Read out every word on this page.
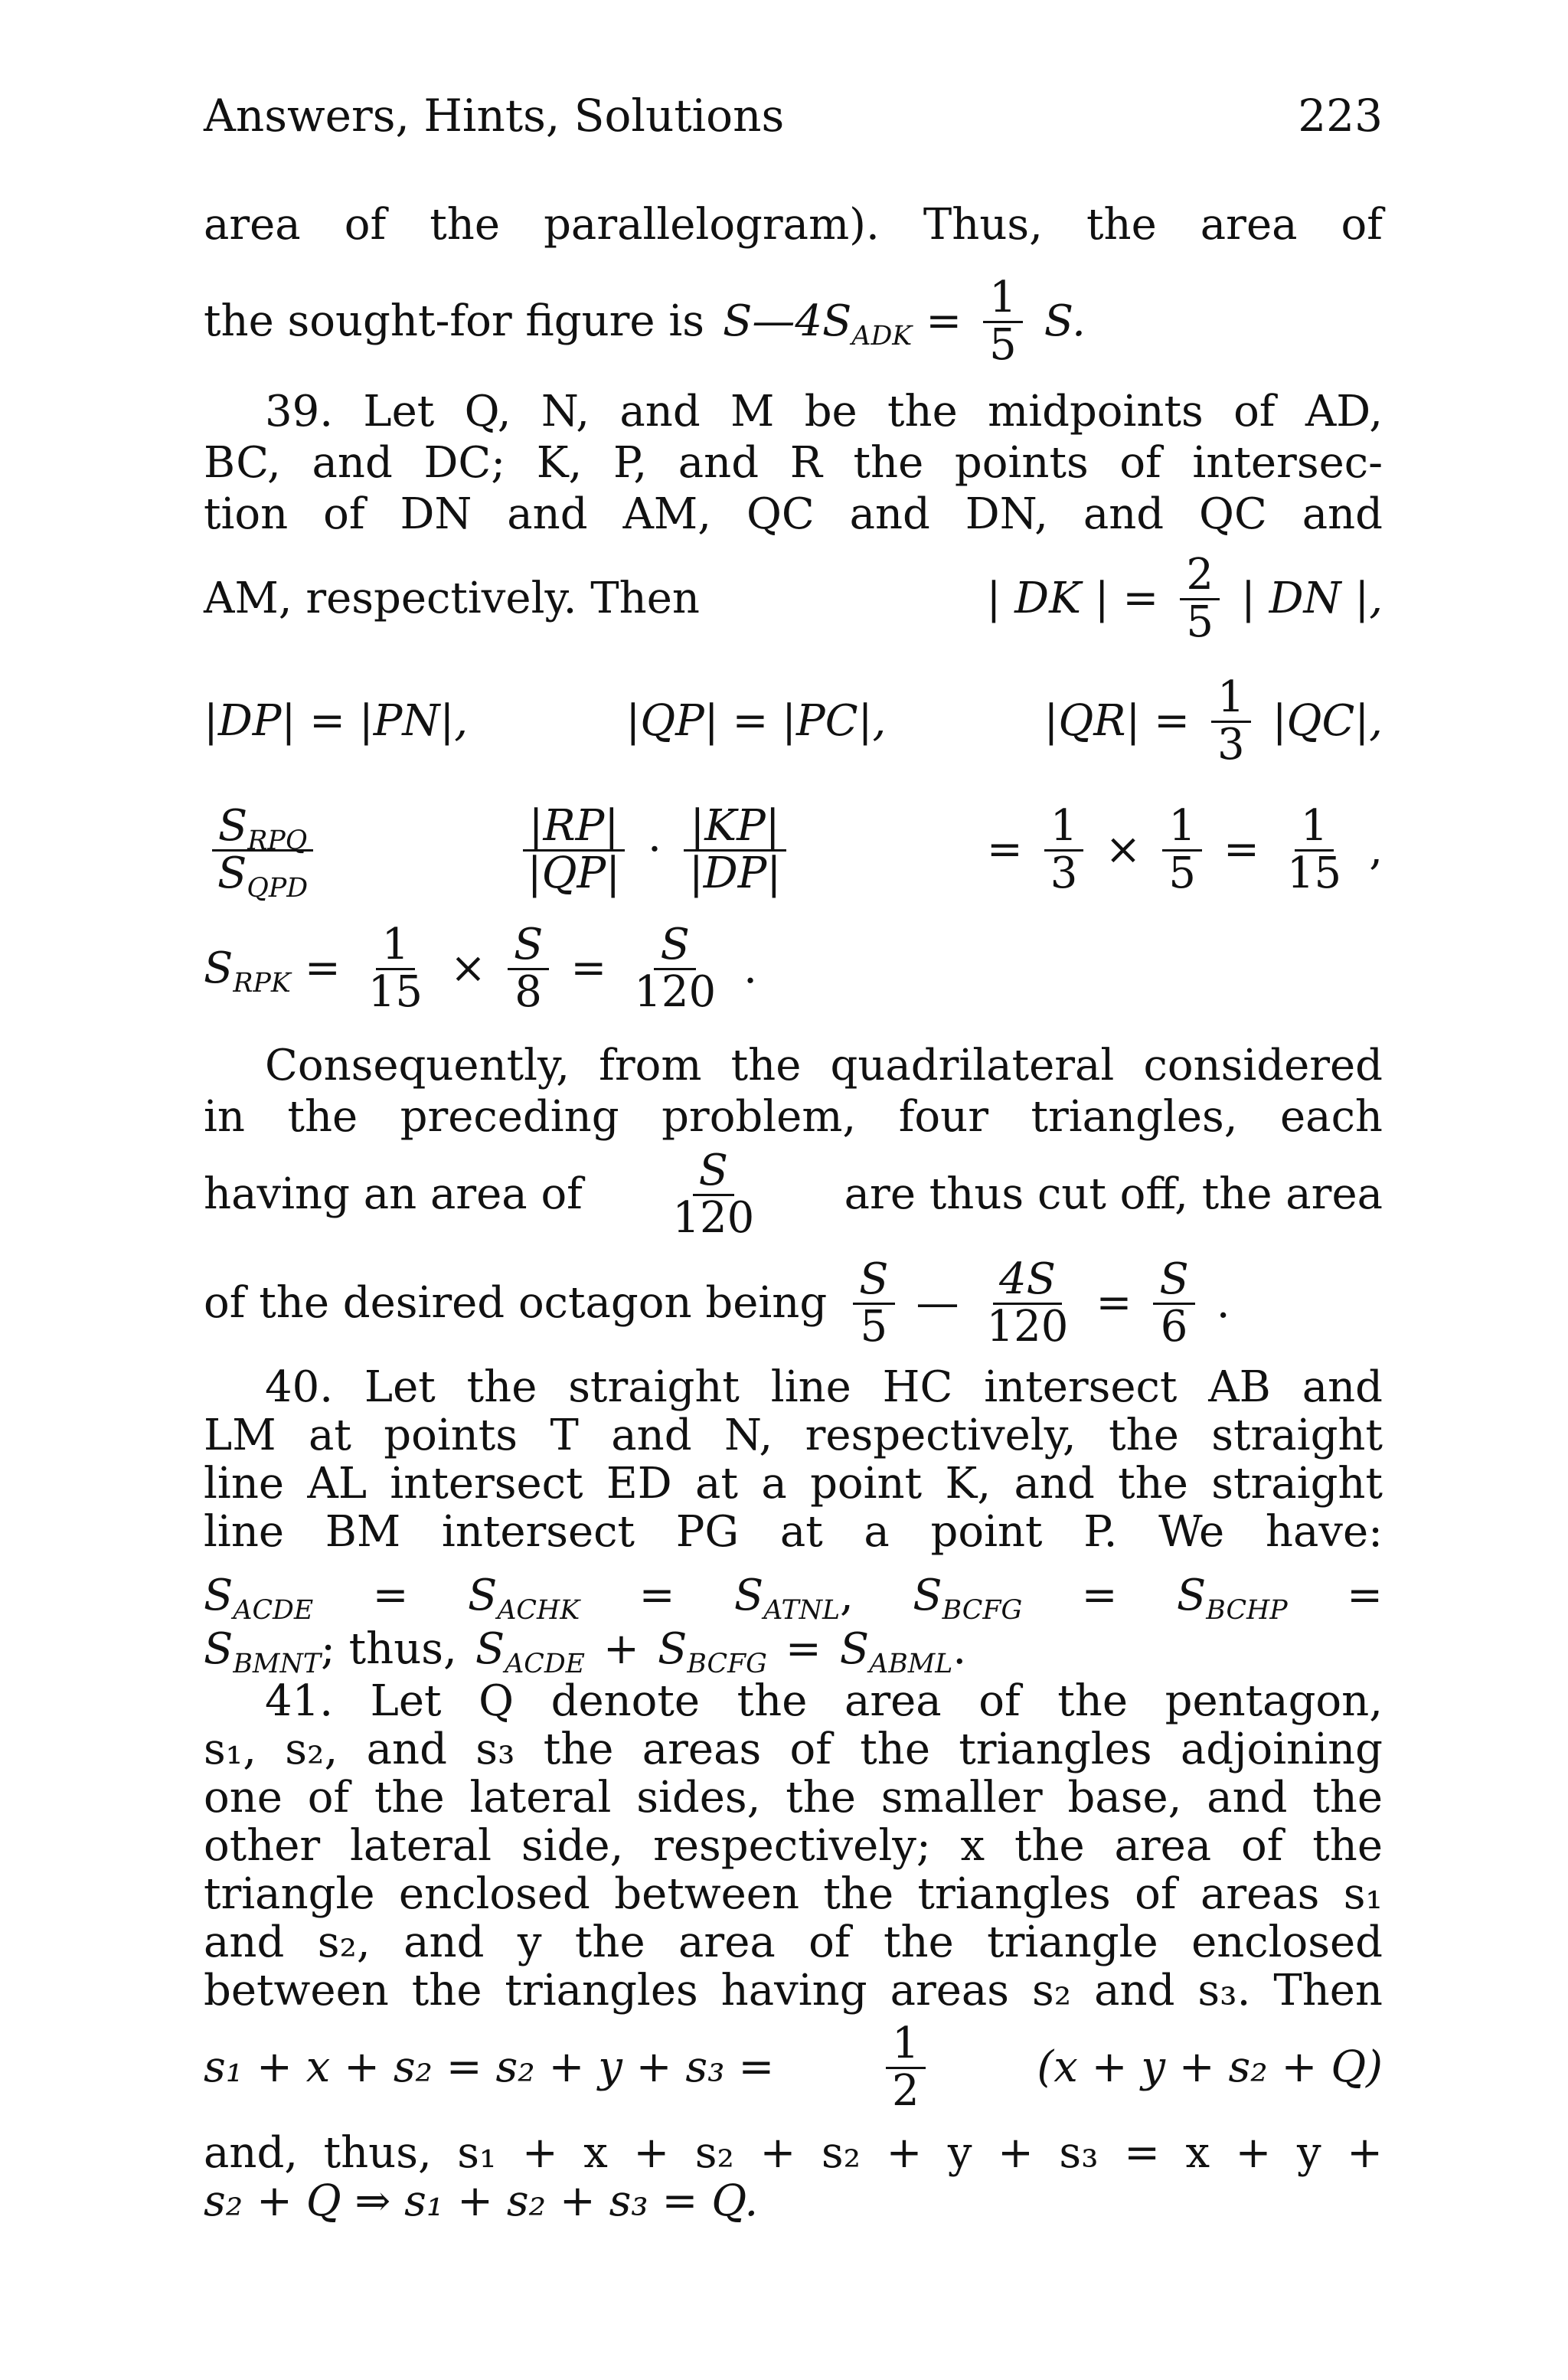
Answers, Hints, Solutions	223
area of the parallelogram). Thus, the area of
the sought-for figure is $S—4S_{ADK} = \frac{1}{5} S$.
39. Let Q, N, and M be the midpoints of AD,
BC, and DC; K, P, and R the points of intersec-
tion of DN and AM, QC and DN, and QC and
AM, respectively. Then	| DK | = $\frac{2}{5}$ | DN |,
|DP| = |PN|,	|QP| = |PC|,	$|QR| = \frac{1}{3} |QC|$,
$\frac{S_{RPQ}}{S_{QPD}}$	$\frac{|RP|}{|QP|} \cdot \frac{|KP|}{|DP|}$	= $\frac{1}{3} \times \frac{1}{5} = \frac{1}{15}$ ,
$S_{RPK} = \frac{1}{15} \times \frac{S}{8} = \frac{S}{120}$ .
Consequently, from the quadrilateral considered
in the preceding problem, four triangles, each
having an area of $\frac{S}{120}$ are thus cut off, the area
of the desired octagon being $\frac{S}{5}$ — $\frac{4S}{120} = \frac{S}{6}$ .
40. Let the straight line HC intersect AB and
LM at points T and N, respectively, the straight
line AL intersect ED at a point K, and the straight
line BM intersect PG at a point P. We have:
$S_{ACDE} = S_{ACHK} = S_{ATNL}$, $S_{BCFG} = S_{BCHP}$ =
$S_{BMNT}$; thus, $S_{ACDE} + S_{BCFG} = S_{ABML}$.
41. Let Q denote the area of the pentagon,
s₁, s₂, and s₃ the areas of the triangles adjoining
one of the lateral sides, the smaller base, and the
other lateral side, respectively; x the area of the
triangle enclosed between the triangles of areas s₁
and s₂, and y the area of the triangle enclosed
between the triangles having areas s₂ and s₃. Then
s₁ + x + s₂ = s₂ + y + s₃ =	$\frac{1}{2}$	(x + y + s₂ + Q)
and, thus, s₁ + x + s₂ + s₂ + y + s₃ = x + y +
s₂ + Q ⇒ s₁ + s₂ + s₃ = Q.
